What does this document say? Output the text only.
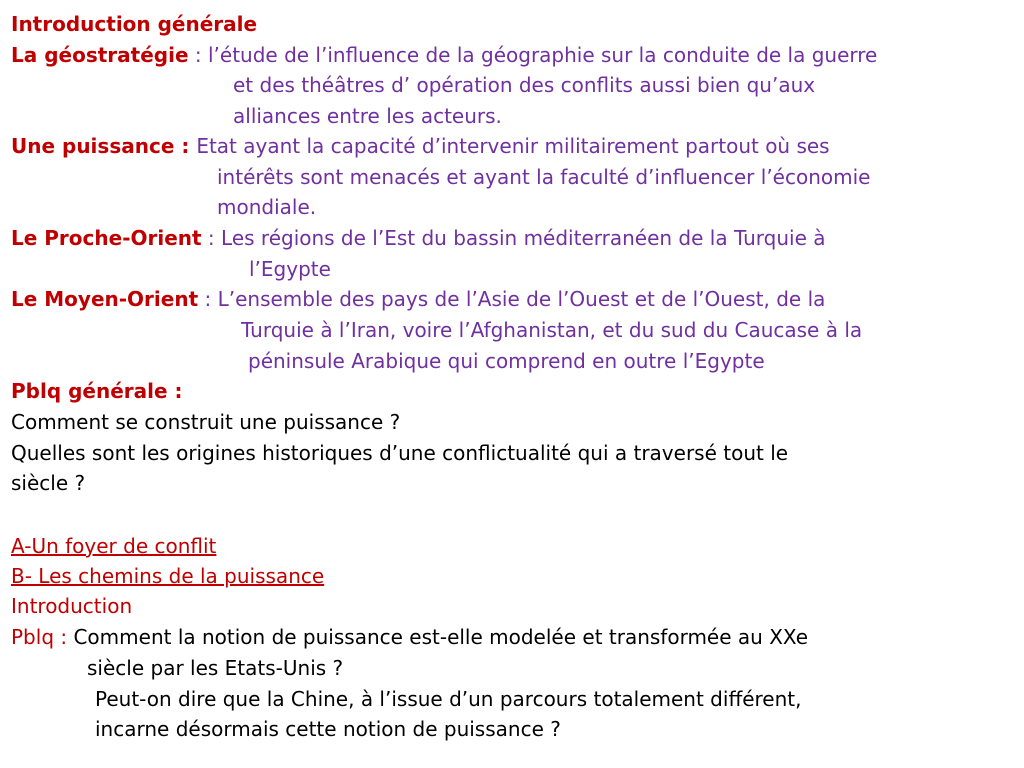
Introduction générale
La géostratégie : l’étude de l’influence de la géographie sur la conduite de la guerre
et des théâtres d’ opération des conflits aussi bien qu’aux
alliances entre les acteurs.
Une puissance : Etat ayant la capacité d’intervenir militairement partout où ses
intérêts sont menacés et ayant la faculté d’influencer l’économie
mondiale.
Le Proche-Orient : Les régions de l’Est du bassin méditerranéen de la Turquie à
l’Egypte
Le Moyen-Orient : L’ensemble des pays de l’Asie de l’Ouest et de l’Ouest, de la
Turquie à l’Iran, voire l’Afghanistan, et du sud du Caucase à la
péninsule Arabique qui comprend en outre l’Egypte
Pblq générale :
Comment se construit une puissance ?
Quelles sont les origines historiques d’une conflictualité qui a traversé tout le
siècle ?
A-Un foyer de conflit
B- Les chemins de la puissance
Introduction
Pblq : Comment la notion de puissance est-elle modelée et transformée au XXe
siècle par les Etats-Unis ?
Peut-on dire que la Chine, à l’issue d’un parcours totalement différent,
incarne désormais cette notion de puissance ?
